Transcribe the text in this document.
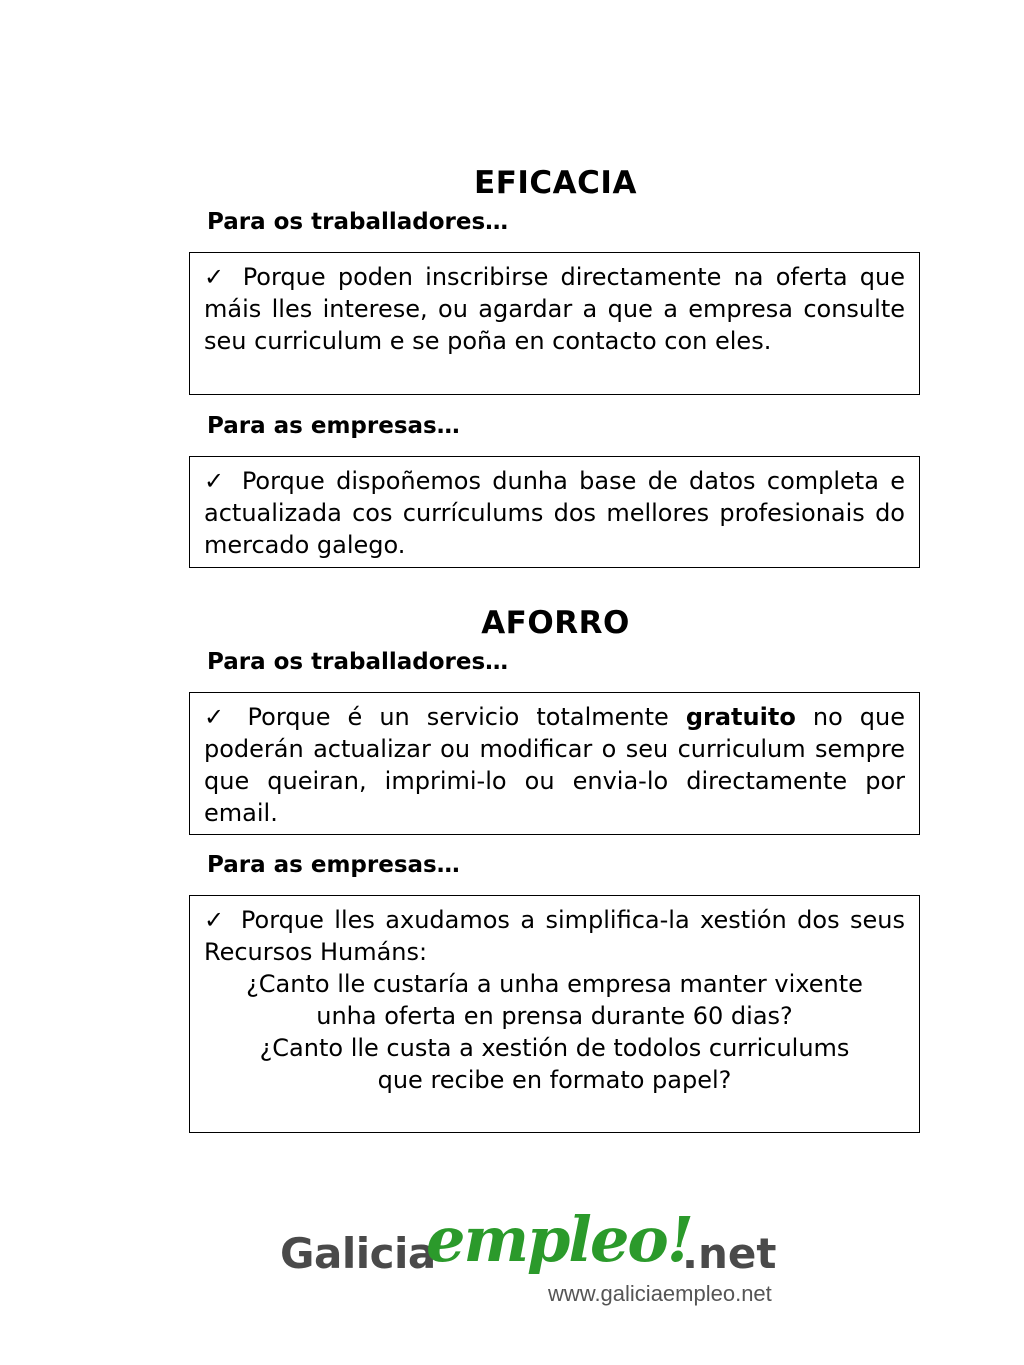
EFICACIA
Para os traballadores…
✓ Porque poden inscribirse directamente na oferta que máis lles interese, ou agardar a que a empresa consulte seu curriculum e se poña en contacto con eles.
Para as empresas…
✓ Porque dispoñemos dunha base de datos completa e actualizada cos currículums dos mellores profesionais do mercado galego.
AFORRO
Para os traballadores…
✓ Porque é un servicio totalmente gratuito no que poderán actualizar ou modificar o seu curriculum sempre que queiran, imprimi-lo ou envia-lo directamente por email.
Para as empresas…
✓ Porque lles axudamos a simplifica-la xestión dos seus Recursos Humáns:
¿Canto lle custaría a unha empresa manter vixente unha oferta en prensa durante 60 dias?
¿Canto lle custa a xestión de todolos curriculums que recibe en formato papel?
Galicia
empleo!
.net
www.galiciaempleo.net
